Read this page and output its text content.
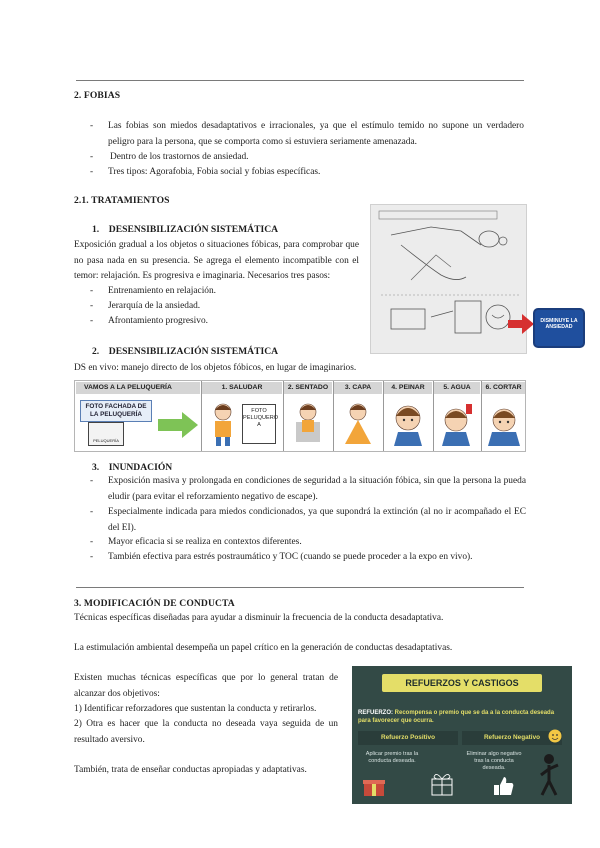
2. FOBIAS
- Las fobias son miedos desadaptativos e irracionales, ya que el estímulo temido no supone un verdadero peligro para la persona, que se comporta como si estuviera seriamente amenazada.
- Dentro de los trastornos de ansiedad.
- Tres tipos: Agorafobia, Fobia social y fobias específicas.
2.1. TRATAMIENTOS
1.    DESENSIBILIZACIÓN SISTEMÁTICA
Exposición gradual a los objetos o situaciones fóbicas, para comprobar que no pasa nada en su presencia. Se agrega el elemento incompatible con el temor: relajación. Es progresiva e imaginaria. Necesarios tres pasos:
- Entrenamiento en relajación.
- Jerarquía de la ansiedad.
- Afrontamiento progresivo.	DISMINUYE LA ANSIEDAD
2.    DESENSIBILIZACIÓN SISTEMÁTICA
DS en vivo: manejo directo de los objetos fóbicos, en lugar de imaginarios.
VAMOS A LA PELUQUERÍA
FOTO FACHADA DE LA PELUQUERÍA
PELUQUERÍA
1. SALUDAR
FOTO PELUQUERO A
2. SENTADO	3. CAPA	4. PEINAR	5. AGUA	6. CORTAR
3.    INUNDACIÓN
- Exposición masiva y prolongada en condiciones de seguridad a la situación fóbica, sin que la persona la pueda eludir (para evitar el reforzamiento negativo de escape).
- Especialmente indicada para miedos condicionados, ya que supondrá la extinción (al no ir acompañado el EC del EI).
- Mayor eficacia si se realiza en contextos diferentes.
- También efectiva para estrés postraumático y TOC (cuando se puede proceder a la expo en vivo).
3. MODIFICACIÓN DE CONDUCTA
Técnicas específicas diseñadas para ayudar a disminuir la frecuencia de la conducta desadaptativa.
La estimulación ambiental desempeña un papel crítico en la generación de conductas desadaptativas.
Existen muchas técnicas específicas que por lo general tratan de alcanzar dos objetivos:
1) Identificar reforzadores que sustentan la conducta y retirarlos.
2) Otra es hacer que la conducta no deseada vaya seguida de un resultado aversivo.
También, trata de enseñar conductas apropiadas y adaptativas.
REFUERZOS Y CASTIGOS
REFUERZO: Recompensa o premio que se da a la conducta deseada para favorecer que ocurra.
Refuerzo Positivo
Aplicar premio tras la conducta deseada.
Refuerzo Negativo
Eliminar algo negativo tras la conducta deseada.
